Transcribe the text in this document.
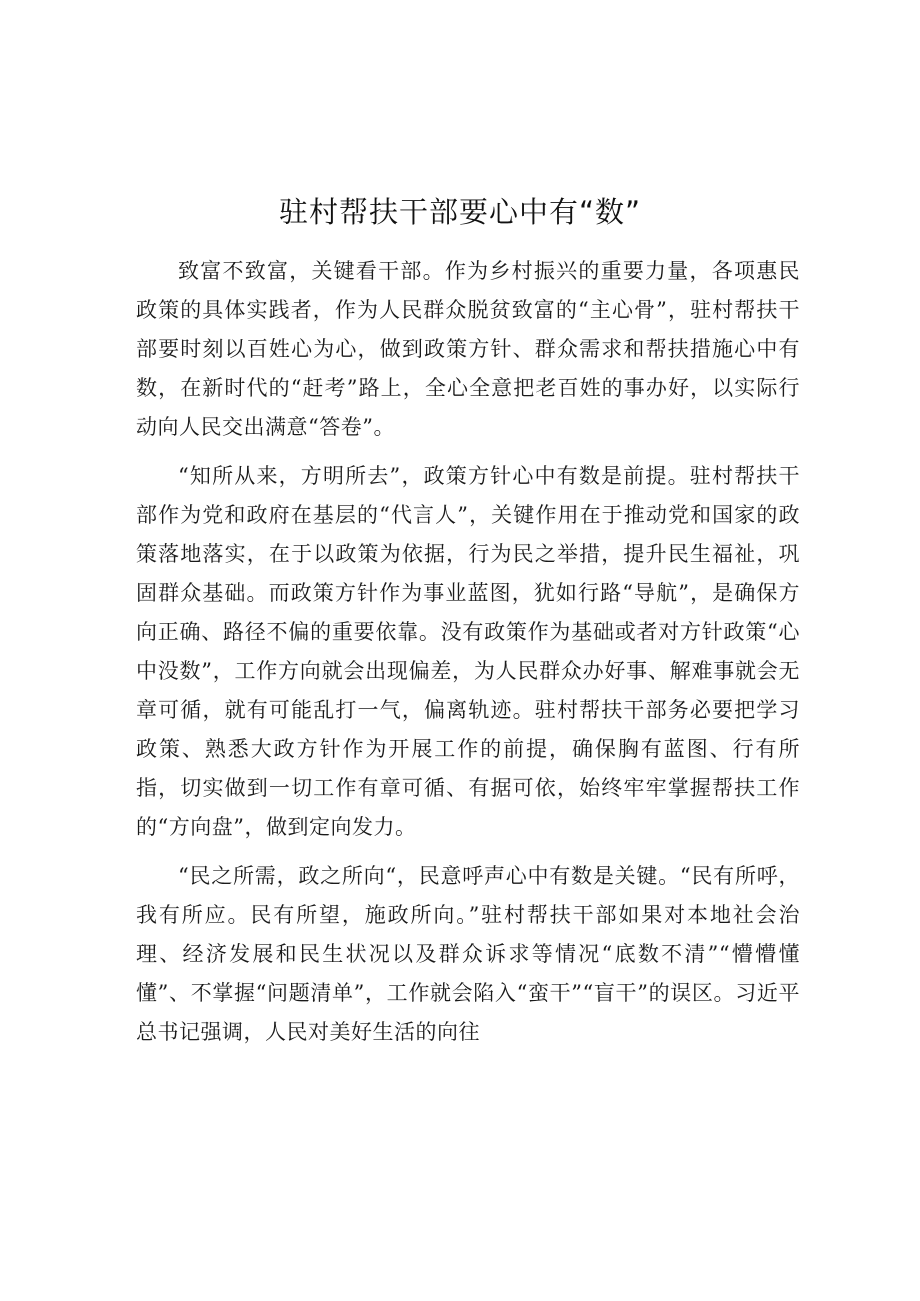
驻村帮扶干部要心中有“数”

致富不致富，关键看干部。作为乡村振兴的重要力量，各项惠民政策的具体实践者，作为人民群众脱贫致富的“主心骨”，驻村帮扶干部要时刻以百姓心为心，做到政策方针、群众需求和帮扶措施心中有数，在新时代的“赶考”路上，全心全意把老百姓的事办好，以实际行动向人民交出满意“答卷”。

“知所从来，方明所去”，政策方针心中有数是前提。驻村帮扶干部作为党和政府在基层的“代言人”，关键作用在于推动党和国家的政策落地落实，在于以政策为依据，行为民之举措，提升民生福祉，巩固群众基础。而政策方针作为事业蓝图，犹如行路“导航”，是确保方向正确、路径不偏的重要依靠。没有政策作为基础或者对方针政策“心中没数”，工作方向就会出现偏差，为人民群众办好事、解难事就会无章可循，就有可能乱打一气，偏离轨迹。驻村帮扶干部务必要把学习政策、熟悉大政方针作为开展工作的前提，确保胸有蓝图、行有所指，切实做到一切工作有章可循、有据可依，始终牢牢掌握帮扶工作的“方向盘”，做到定向发力。

“民之所需，政之所向“，民意呼声心中有数是关键。“民有所呼，我有所应。民有所望，施政所向。”驻村帮扶干部如果对本地社会治理、经济发展和民生状况以及群众诉求等情况“底数不清”“懵懵懂懂”、不掌握“问题清单”，工作就会陷入“蛮干”“盲干”的误区。习近平总书记强调，人民对美好生活的向往
